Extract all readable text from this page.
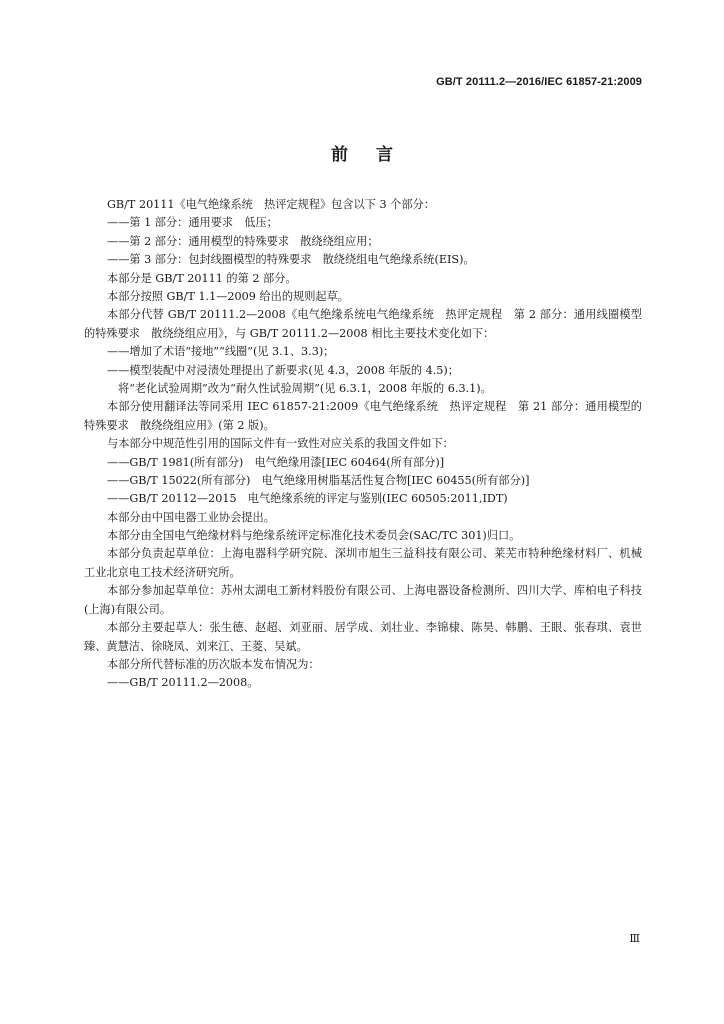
GB/T 20111.2—2016/IEC 61857-21:2009
前言
GB/T 20111《电气绝缘系统　热评定规程》包含以下 3 个部分：
——第 1 部分：通用要求　低压；
——第 2 部分：通用模型的特殊要求　散绕绕组应用；
——第 3 部分：包封线圈模型的特殊要求　散绕绕组电气绝缘系统(EIS)。
本部分是 GB/T 20111 的第 2 部分。
本部分按照 GB/T 1.1—2009 给出的规则起草。
本部分代替 GB/T 20111.2—2008《电气绝缘系统电气绝缘系统　热评定规程　第 2 部分：通用线圈模型的特殊要求　散绕绕组应用》，与 GB/T 20111.2—2008 相比主要技术变化如下：
——增加了术语“接地”“线圈”(见 3.1、3.3)；
——模型装配中对浸渍处理提出了新要求(见 4.3，2008 年版的 4.5)；
将“老化试验周期”改为“耐久性试验周期”(见 6.3.1，2008 年版的 6.3.1)。
本部分使用翻译法等同采用 IEC 61857-21:2009《电气绝缘系统　热评定规程　第 21 部分：通用模型的特殊要求　散绕绕组应用》(第 2 版)。
与本部分中规范性引用的国际文件有一致性对应关系的我国文件如下：
——GB/T 1981(所有部分)　电气绝缘用漆[IEC 60464(所有部分)]
——GB/T 15022(所有部分)　电气绝缘用树脂基活性复合物[IEC 60455(所有部分)]
——GB/T 20112—2015　电气绝缘系统的评定与鉴别(IEC 60505:2011,IDT)
本部分由中国电器工业协会提出。
本部分由全国电气绝缘材料与绝缘系统评定标准化技术委员会(SAC/TC 301)归口。
本部分负责起草单位：上海电器科学研究院、深圳市旭生三益科技有限公司、莱芜市特种绝缘材料厂、机械工业北京电工技术经济研究所。
本部分参加起草单位：苏州太湖电工新材料股份有限公司、上海电器设备检测所、四川大学、库柏电子科技(上海)有限公司。
本部分主要起草人：张生德、赵超、刘亚丽、居学成、刘壮业、李锦棣、陈昊、韩鹏、王眼、张春琪、袁世臻、黄慧洁、徐晓凤、刘来江、王菱、吴斌。
本部分所代替标准的历次版本发布情况为：
——GB/T 20111.2—2008。
Ⅲ
